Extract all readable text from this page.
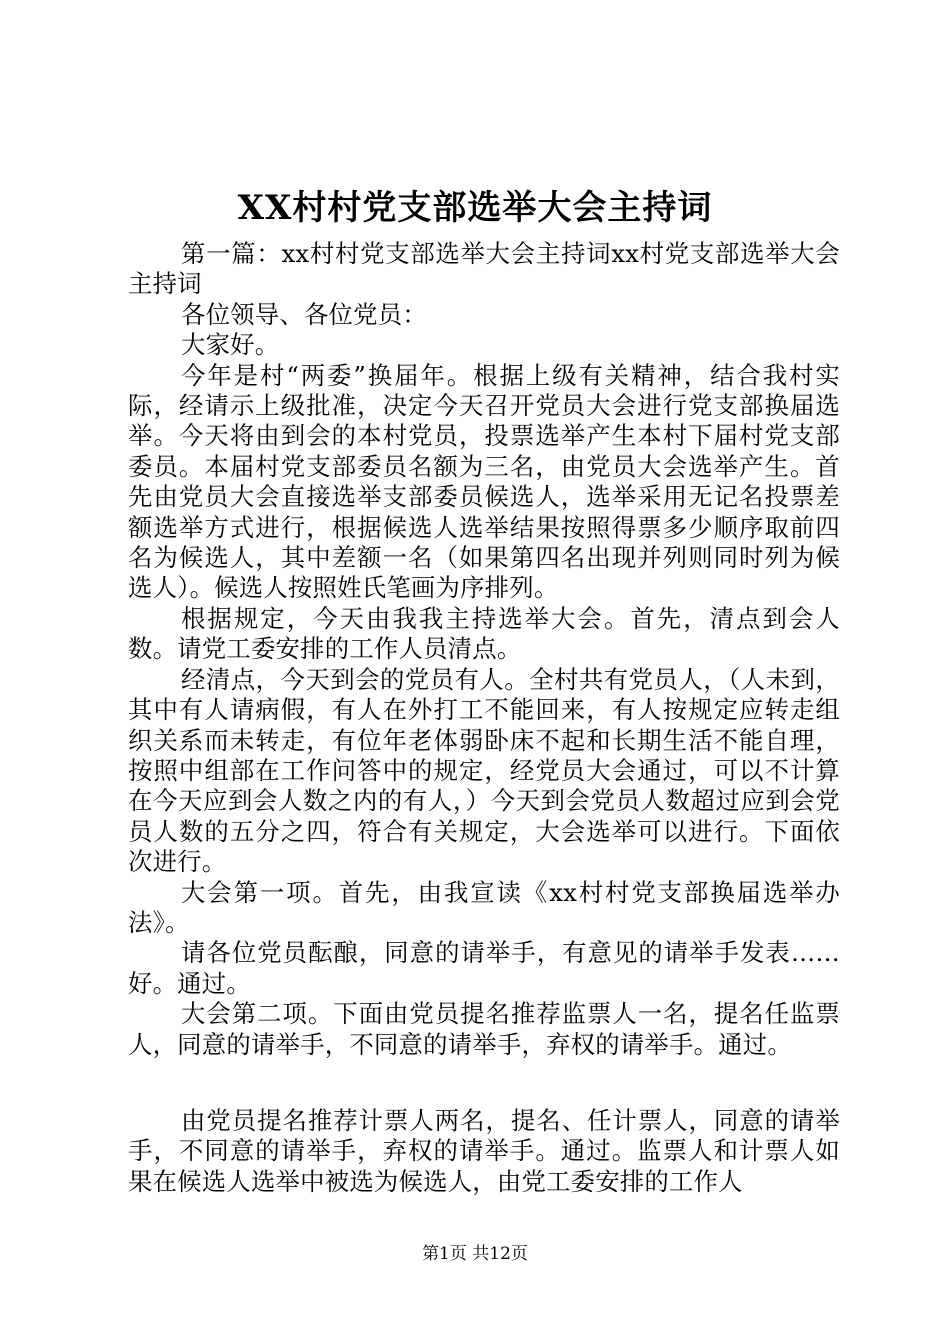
XX村村党支部选举大会主持词

第一篇：xx村村党支部选举大会主持词xx村党支部选举大会主持词

各位领导、各位党员：

大家好。

今年是村“两委”换届年。根据上级有关精神，结合我村实际，经请示上级批准，决定今天召开党员大会进行党支部换届选举。今天将由到会的本村党员，投票选举产生本村下届村党支部委员。本届村党支部委员名额为三名，由党员大会选举产生。首先由党员大会直接选举支部委员候选人，选举采用无记名投票差额选举方式进行，根据候选人选举结果按照得票多少顺序取前四名为候选人，其中差额一名（如果第四名出现并列则同时列为候选人）。候选人按照姓氏笔画为序排列。

根据规定，今天由我我主持选举大会。首先，清点到会人数。请党工委安排的工作人员清点。

经清点，今天到会的党员有人。全村共有党员人，（人未到，其中有人请病假，有人在外打工不能回来，有人按规定应转走组织关系而未转走，有位年老体弱卧床不起和长期生活不能自理，按照中组部在工作问答中的规定，经党员大会通过，可以不计算在今天应到会人数之内的有人，）今天到会党员人数超过应到会党员人数的五分之四，符合有关规定，大会选举可以进行。下面依次进行。

大会第一项。首先，由我宣读《xx村村党支部换届选举办法》。

请各位党员酝酿，同意的请举手，有意见的请举手发表……好。通过。

大会第二项。下面由党员提名推荐监票人一名，提名任监票人，同意的请举手，不同意的请举手，弃权的请举手。通过。

由党员提名推荐计票人两名，提名、任计票人，同意的请举手，不同意的请举手，弃权的请举手。通过。监票人和计票人如果在候选人选举中被选为候选人，由党工委安排的工作人

第1页 共12页
